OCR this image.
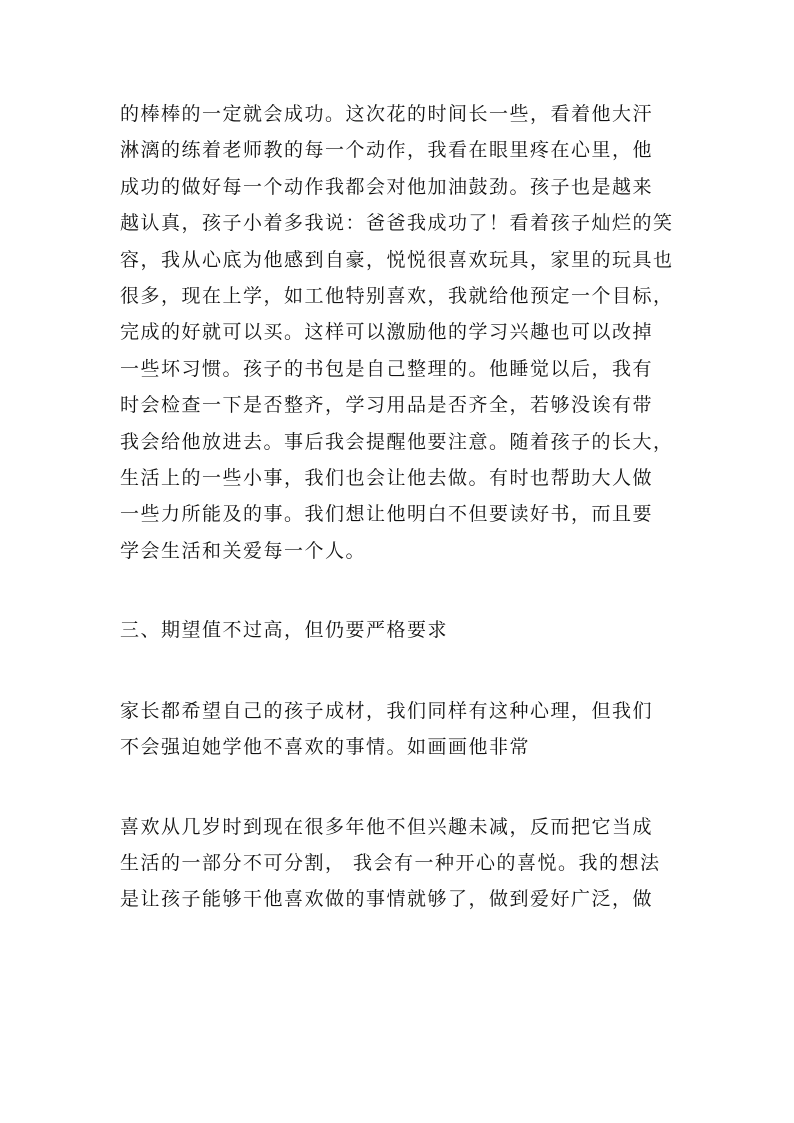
的棒棒的一定就会成功。这次花的时间长一些，看着他大汗
淋漓的练着老师教的每一个动作，我看在眼里疼在心里，他
成功的做好每一个动作我都会对他加油鼓劲。孩子也是越来
越认真，孩子小着多我说：爸爸我成功了！看着孩子灿烂的笑
容，我从心底为他感到自豪，悦悦很喜欢玩具，家里的玩具也
很多，现在上学，如工他特别喜欢，我就给他预定一个目标，
完成的好就可以买。这样可以激励他的学习兴趣也可以改掉
一些坏习惯。孩子的书包是自己整理的。他睡觉以后，我有
时会检查一下是否整齐，学习用品是否齐全，若够没诶有带
我会给他放进去。事后我会提醒他要注意。随着孩子的长大，
生活上的一些小事，我们也会让他去做。有时也帮助大人做
一些力所能及的事。我们想让他明白不但要读好书，而且要
学会生活和关爱每一个人。

三、期望值不过高，但仍要严格要求

家长都希望自己的孩子成材，我们同样有这种心理，但我们
不会强迫她学他不喜欢的事情。如画画他非常
喜欢从几岁时到现在很多年他不但兴趣未减，反而把它当成
生活的一部分不可分割， 我会有一种开心的喜悦。我的想法
是让孩子能够干他喜欢做的事情就够了，做到爱好广泛，做
